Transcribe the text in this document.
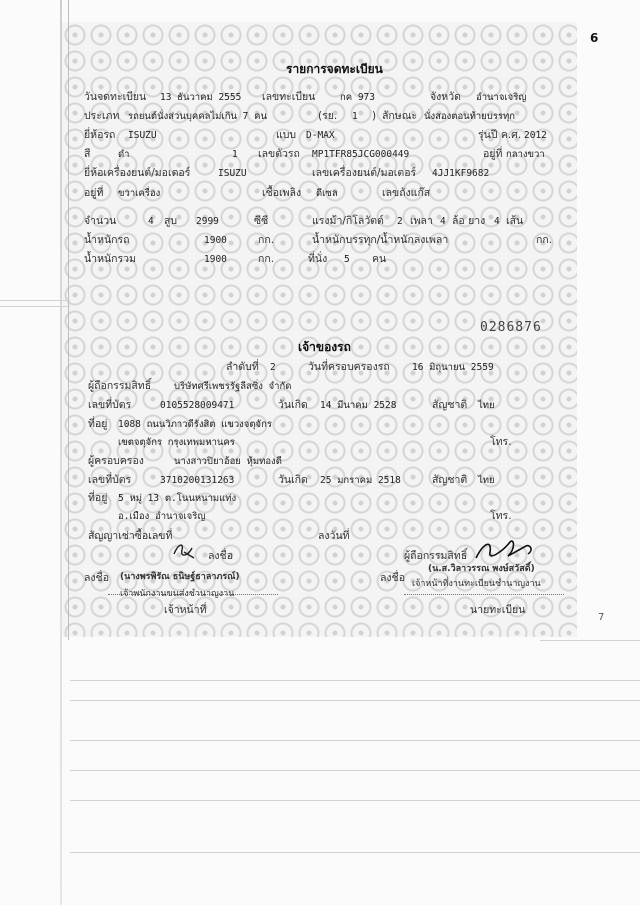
6
รายการจดทะเบียน
วันจดทะเบียน 13 ธันวาคม 2555 เลขทะเบียน	กค 973	จังหวัด อำนาจเจริญ
ประเภท รถยนต์นั่งส่วนบุคคลไม่เกิน 7 คน	(รย. 1 ) ลักษณะ นั่งสองตอนท้ายบรรทุก
ยี่ห้อรถ ISUZU	แบบ D-MAX	รุ่นปี ค.ศ. 2012
สี	ดำ	1 เลขตัวรถ MP1TFR85JCG000449	อยู่ที่ กลางขวา
ยี่ห้อเครื่องยนต์/มอเตอร์	ISUZU	เลขเครื่องยนต์/มอเตอร์ 4JJ1KF9682
อยู่ที่ ขวาเครื่อง	เชื้อเพลิง ดีเซล	เลขถังแก๊ส
จำนวน	4 สูบ 2999	ซีซี	แรงม้า/กิโลวัตต์ 2 เพลา 4 ล้อ ยาง 4 เส้น
น้ำหนักรถ	1900	กก.	น้ำหนักบรรทุก/น้ำหนักลงเพลา	กก.
น้ำหนักรวม	1900	กก.	ที่นั่ง 5 คน
0286876
เจ้าของรถ
ลำดับที่ 2	วันที่ครอบครองรถ 16 มิถุนายน 2559
ผู้ถือกรรมสิทธิ์ บริษัทศรีเพชรรัฐลีสซิ่ง จำกัด
เลขที่บัตร	0105528009471	วันเกิด 14 มีนาคม 2528	สัญชาติ ไทย
ที่อยู่ 1088 ถนนวิภาวดีรังสิต แขวงจตุจักร
เขตจตุจักร กรุงเทพมหานคร	โทร.
ผู้ครอบครอง	นางสาวปิยาอ้อย หุ้มทองดี
เลขที่บัตร	3710200131263	วันเกิด 25 มกราคม 2518	สัญชาติ ไทย
ที่อยู่ 5 หมู่ 13 ต.โนนหนามแท่ง
อ.เมือง อำนาจเจริญ	โทร.
สัญญาเช่าซื้อเลขที่	ลงวันที่
ลงชื่อ	ผู้ถือกรรมสิทธิ์
(น.ส.วิลาวรรณ พงษ์สวัสดิ์)
ลงชื่อ (นางพรพิรัณ ธนิษฐ์ธาลาภรณ์)	ลงชื่อ เจ้าหน้าที่งานทะเบียนชำนาญงาน
เจ้าพนักงานขนส่งชำนาญงาน
เจ้าหน้าที่	นายทะเบียน
7
